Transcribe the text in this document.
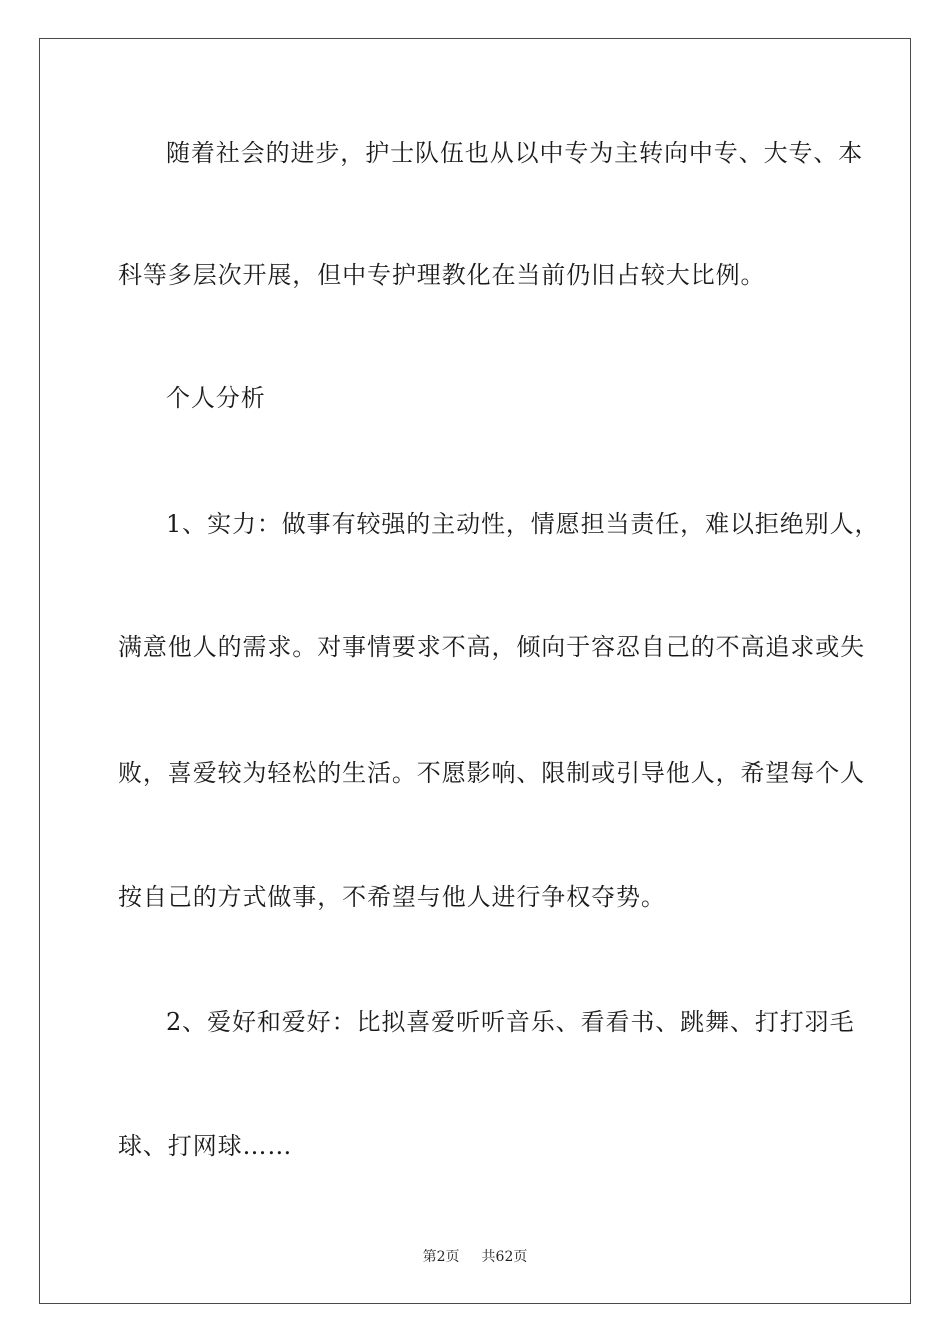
随着社会的进步，护士队伍也从以中专为主转向中专、大专、本
科等多层次开展，但中专护理教化在当前仍旧占较大比例。
个人分析
1、实力：做事有较强的主动性，情愿担当责任，难以拒绝别人，
满意他人的需求。对事情要求不高，倾向于容忍自己的不高追求或失
败，喜爱较为轻松的生活。不愿影响、限制或引导他人，希望每个人
按自己的方式做事，不希望与他人进行争权夺势。
2、爱好和爱好：比拟喜爱听听音乐、看看书、跳舞、打打羽毛
球、打网球……
第2页 共62页
